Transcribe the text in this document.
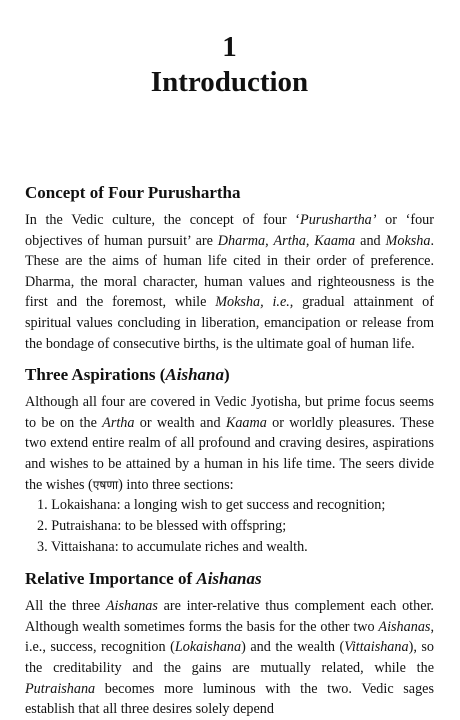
1
Introduction
Concept of Four Purushartha

In the Vedic culture, the concept of four ‘Purushartha’ or ‘four objectives of human pursuit’ are Dharma, Artha, Kaama and Moksha. These are the aims of human life cited in their order of preference. Dharma, the moral character, human values and righteousness is the first and the foremost, while Moksha, i.e., gradual attainment of spiritual values concluding in liberation, emancipation or release from the bondage of consecutive births, is the ultimate goal of human life.

Three Aspirations (Aishana)

Although all four are covered in Vedic Jyotisha, but prime focus seems to be on the Artha or wealth and Kaama or worldly pleasures. These two extend entire realm of all profound and craving desires, aspirations and wishes to be attained by a human in his life time. The seers divide the wishes (एषणा) into three sections:

1. Lokaishana: a longing wish to get success and recognition;
2. Putraishana: to be blessed with offspring;
3. Vittaishana: to accumulate riches and wealth.
Relative Importance of Aishanas

All the three Aishanas are inter-relative thus complement each other. Although wealth sometimes forms the basis for the other two Aishanas, i.e., success, recognition (Lokaishana) and the wealth (Vittaishana), so the creditability and the gains are mutually related, while the Putraishana becomes more luminous with the two. Vedic sages establish that all three desires solely depend
